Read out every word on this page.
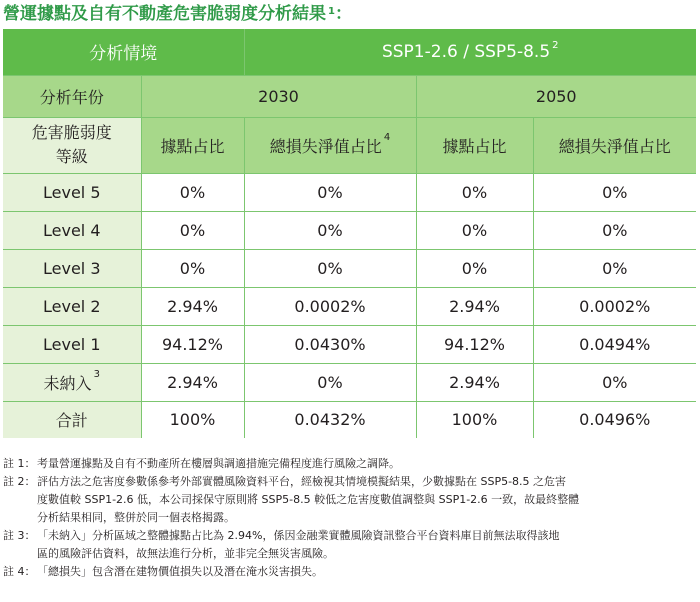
營運據點及自有不動產危害脆弱度分析結果 $^1$：
分析情境		SSP1-2.6 / SSP5-8.5 $^2$
分析年份	2030		2050	

危害脆弱度
等級	據點占比	總損失淨值占比 $^4$	據點占比	總損失淨值占比
Level 5	0%	0%	0%	0%
Level 4	0%	0%	0%	0%
Level 3	0%	0%	0%	0%
Level 2	2.94%	0.0002%	2.94%	0.0002%
Level 1	94.12%	0.0430%	94.12%	0.0494%
未納入 $^3$	2.94%	0%	2.94%	0%
合計	100%	0.0432%	100%	0.0496%
註 1： 考量營運據點及自有不動產所在樓層與調適措施完備程度進行風險之調降。
註 2： 評估方法之危害度參數係參考外部實體風險資料平台，經檢視其情境模擬結果，少數據點在 SSP5-8.5 之危害
度數值較 SSP1-2.6 低，本公司採保守原則將 SSP5-8.5 較低之危害度數值調整與 SSP1-2.6 一致，故最終整體
分析結果相同，整併於同一個表格揭露。
註 3： 「未納入」分析區域之整體據點占比為 2.94%，係因金融業實體風險資訊整合平台資料庫目前無法取得該地
區的風險評估資料，故無法進行分析，並非完全無災害風險。
註 4： 「總損失」包含潛在建物價值損失以及潛在淹水災害損失。
